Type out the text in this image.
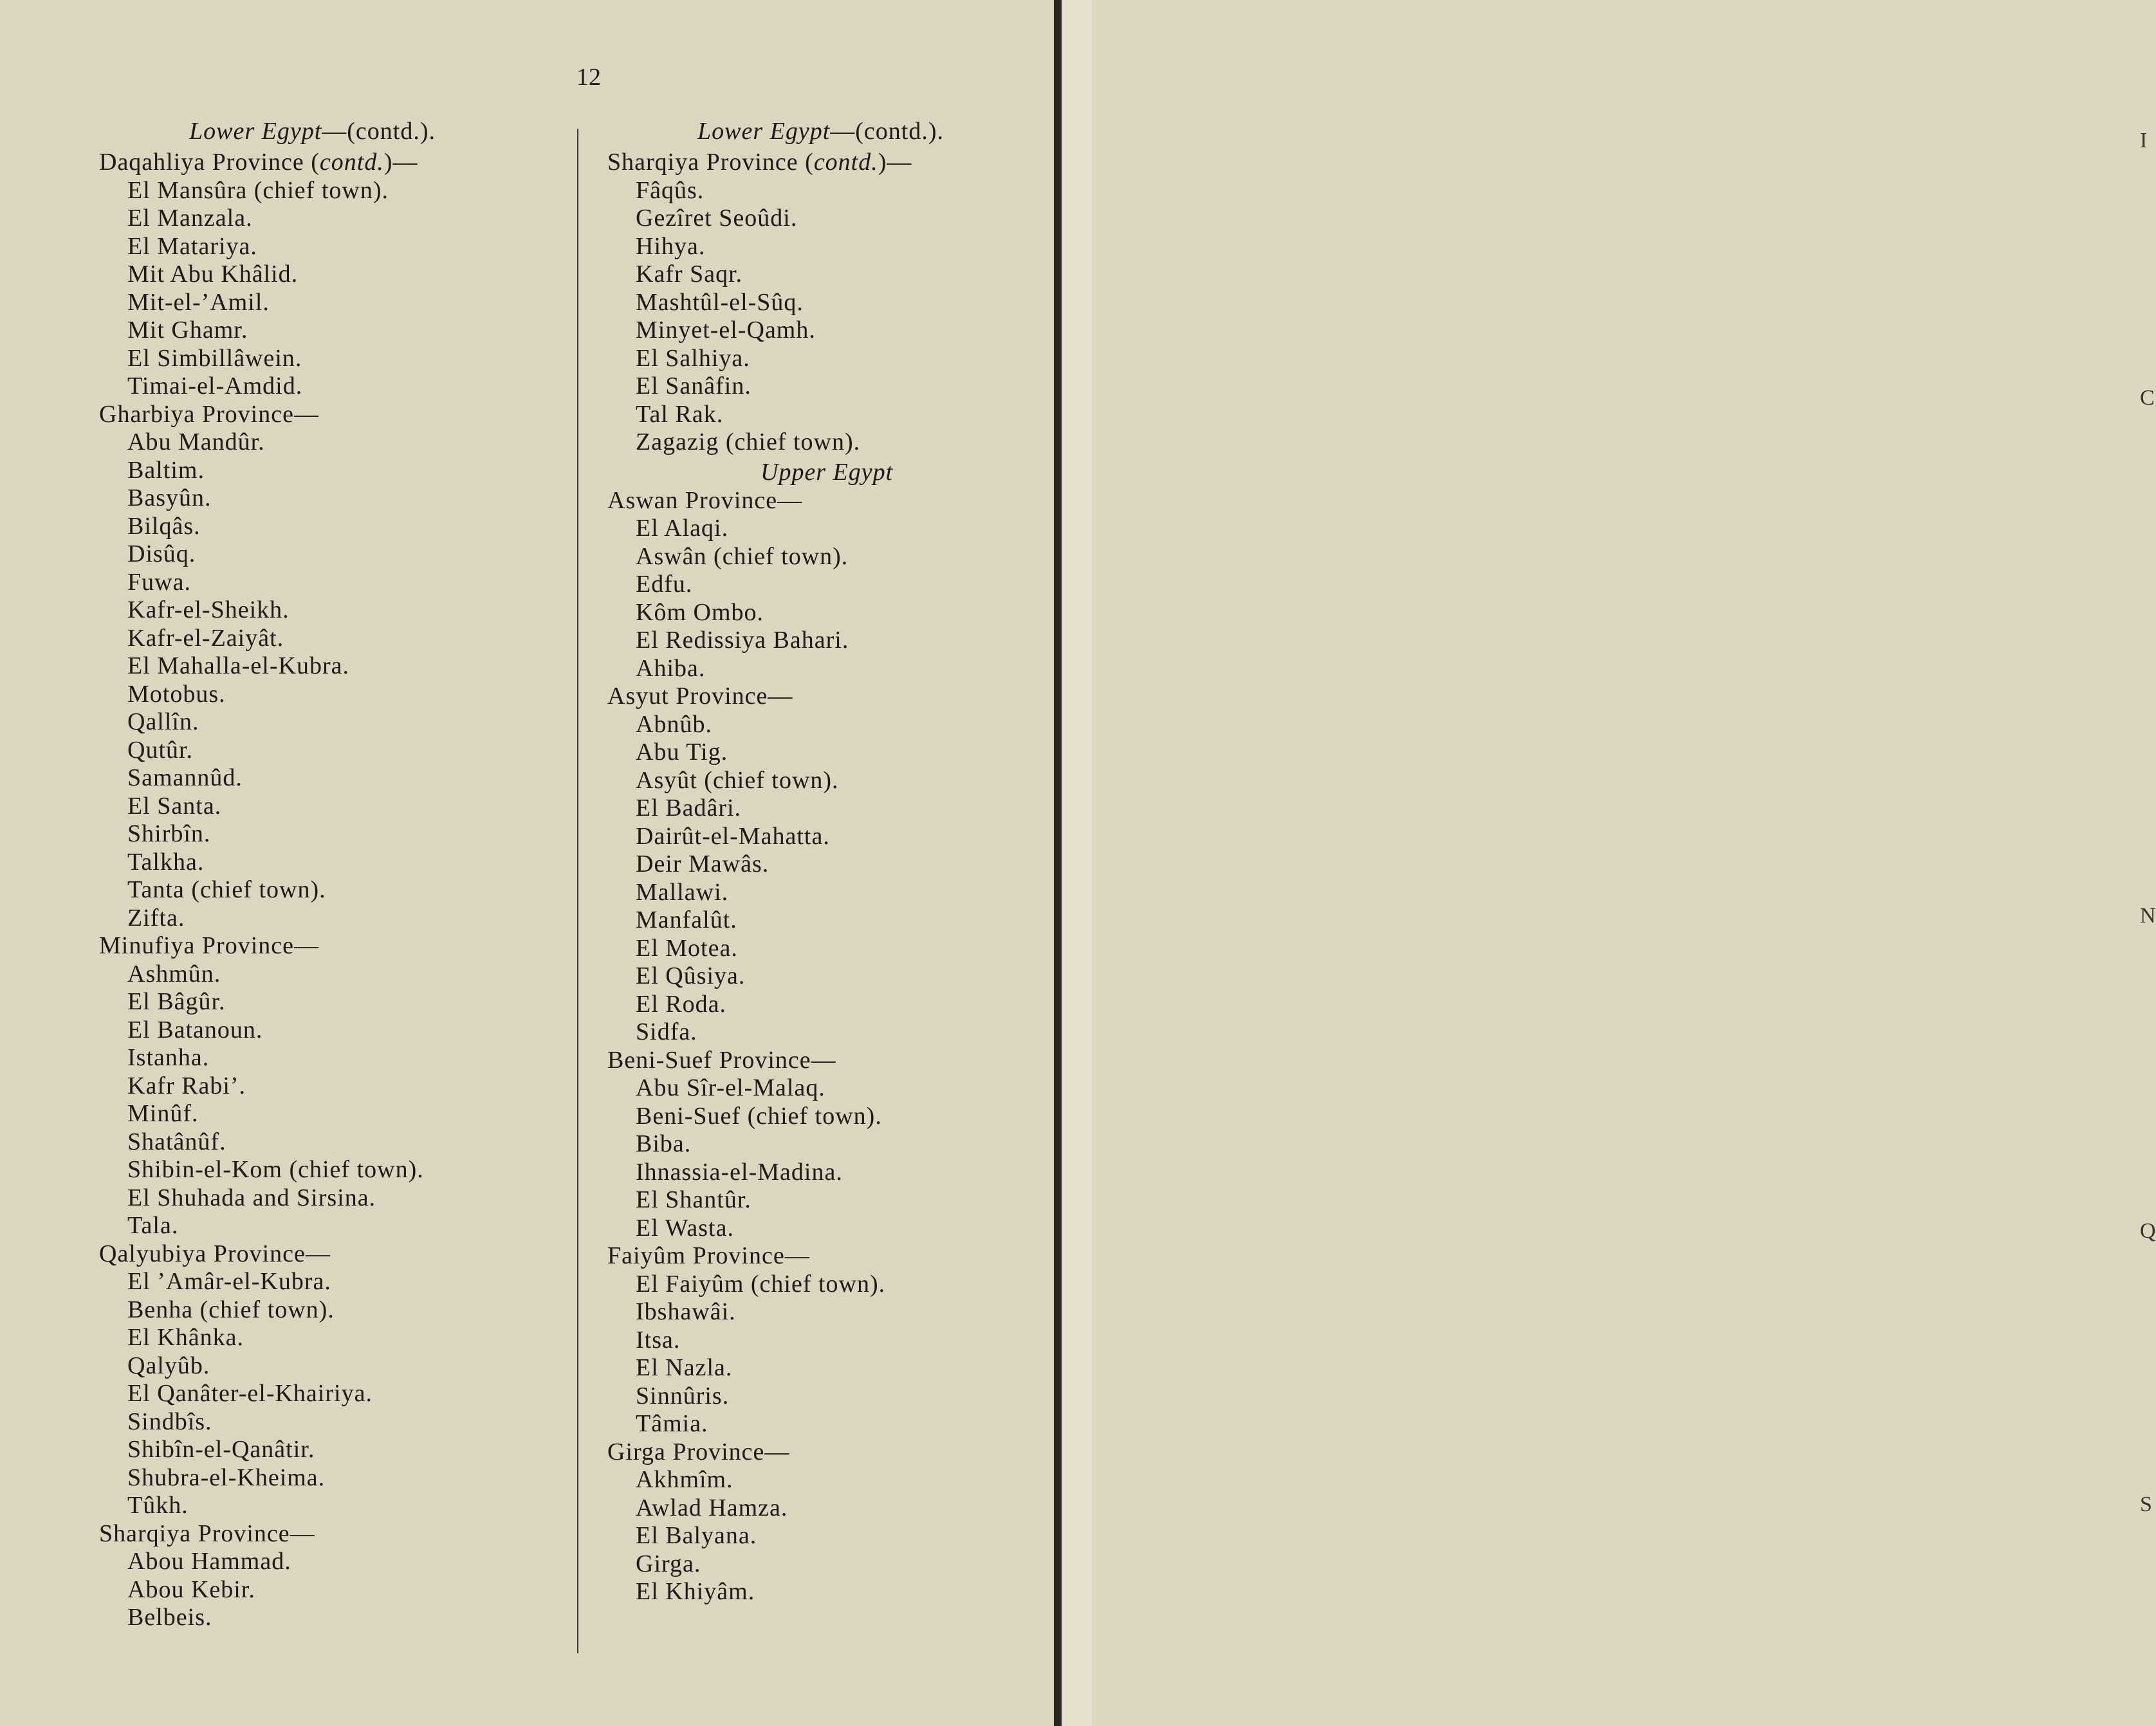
12
Lower Egypt—(contd.).
Daqahliya Province (contd.)—
El Mansûra (chief town).
El Manzala.
El Matariya.
Mit Abu Khâlid.
Mit-el-’Amil.
Mit Ghamr.
El Simbillâwein.
Timai-el-Amdid.
Gharbiya Province—
Abu Mandûr.
Baltim.
Basyûn.
Bilqâs.
Disûq.
Fuwa.
Kafr-el-Sheikh.
Kafr-el-Zaiyât.
El Mahalla-el-Kubra.
Motobus.
Qallîn.
Qutûr.
Samannûd.
El Santa.
Shirbîn.
Talkha.
Tanta (chief town).
Zifta.
Minufiya Province—
Ashmûn.
El Bâgûr.
El Batanoun.
Istanha.
Kafr Rabi’.
Minûf.
Shatânûf.
Shibin-el-Kom (chief town).
El Shuhada and Sirsina.
Tala.
Qalyubiya Province—
El ’Amâr-el-Kubra.
Benha (chief town).
El Khânka.
Qalyûb.
El Qanâter-el-Khairiya.
Sindbîs.
Shibîn-el-Qanâtir.
Shubra-el-Kheima.
Tûkh.
Sharqiya Province—
Abou Hammad.
Abou Kebir.
Belbeis.
Lower Egypt—(contd.).
Sharqiya Province (contd.)—
Fâqûs.
Gezîret Seoûdi.
Hihya.
Kafr Saqr.
Mashtûl-el-Sûq.
Minyet-el-Qamh.
El Salhiya.
El Sanâfin.
Tal Rak.
Zagazig (chief town).
Upper Egypt
Aswan Province—
El Alaqi.
Aswân (chief town).
Edfu.
Kôm Ombo.
El Redissiya Bahari.
Ahiba.
Asyut Province—
Abnûb.
Abu Tig.
Asyût (chief town).
El Badâri.
Dairût-el-Mahatta.
Deir Mawâs.
Mallawi.
Manfalût.
El Motea.
El Qûsiya.
El Roda.
Sidfa.
Beni-Suef Province—
Abu Sîr-el-Malaq.
Beni-Suef (chief town).
Biba.
Ihnassia-el-Madina.
El Shantûr.
El Wasta.
Faiyûm Province—
El Faiyûm (chief town).
Ibshawâi.
Itsa.
El Nazla.
Sinnûris.
Tâmia.
Girga Province—
Akhmîm.
Awlad Hamza.
El Balyana.
Girga.
El Khiyâm.
I
C
N
Q
S
